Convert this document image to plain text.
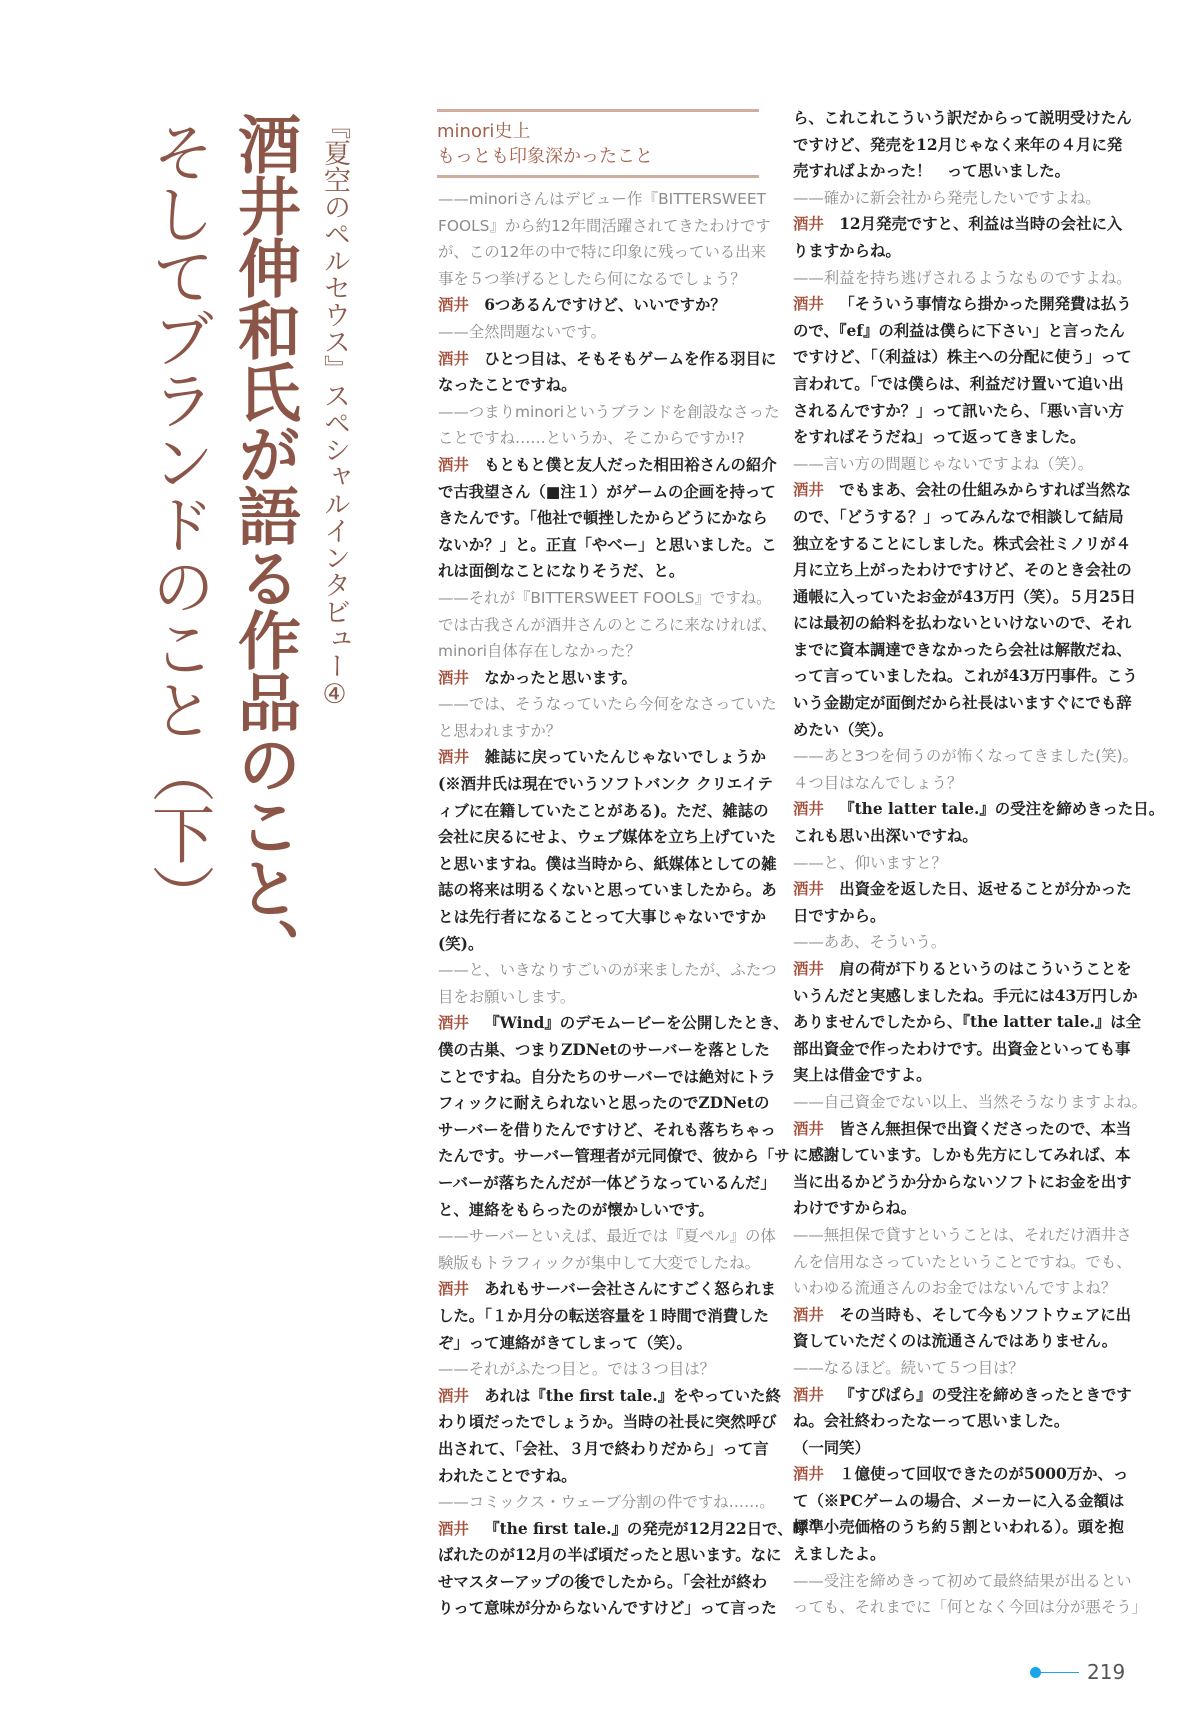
『夏空のペルセウス』スペシャルインタビュー④
酒井伸和氏が語る作品のこと、
そしてブランドのこと（下）	minori史上
もっとも印象深かったこと
——minoriさんはデビュー作『BITTERSWEET
FOOLS』から約12年間活躍されてきたわけです
が、この12年の中で特に印象に残っている出来
事を５つ挙げるとしたら何になるでしょう？
酒井 6つあるんですけど、いいですか？
——全然問題ないです。
酒井 ひとつ目は、そもそもゲームを作る羽目に
なったことですね。
——つまりminoriというブランドを創設なさった
ことですね……というか、そこからですか!?
酒井 もともと僕と友人だった相田裕さんの紹介
で古我望さん（■注１）がゲームの企画を持って
きたんです。「他社で頓挫したからどうにかなら
ないか？」と。正直「やべー」と思いました。こ
れは面倒なことになりそうだ、と。
——それが『BITTERSWEET FOOLS』ですね。
では古我さんが酒井さんのところに来なければ、
minori自体存在しなかった？
酒井 なかったと思います。
——では、そうなっていたら今何をなさっていた
と思われますか？
酒井 雑誌に戻っていたんじゃないでしょうか
(※酒井氏は現在でいうソフトバンク クリエイテ
ィブに在籍していたことがある)。ただ、雑誌の
会社に戻るにせよ、ウェブ媒体を立ち上げていた
と思いますね。僕は当時から、紙媒体としての雑
誌の将来は明るくないと思っていましたから。あ
とは先行者になることって大事じゃないですか
(笑)。
——と、いきなりすごいのが来ましたが、ふたつ
目をお願いします。
酒井 『Wind』のデモムービーを公開したとき、
僕の古巣、つまりZDNetのサーバーを落とした
ことですね。自分たちのサーバーでは絶対にトラ
フィックに耐えられないと思ったのでZDNetの
サーバーを借りたんですけど、それも落ちちゃっ
たんです。サーバー管理者が元同僚で、彼から「サ
ーバーが落ちたんだが一体どうなっているんだ」
と、連絡をもらったのが懐かしいです。
——サーバーといえば、最近では『夏ペル』の体
験版もトラフィックが集中して大変でしたね。
酒井 あれもサーバー会社さんにすごく怒られま
した。「１か月分の転送容量を１時間で消費した
ぞ」って連絡がきてしまって（笑）。
——それがふたつ目と。では３つ目は？
酒井 あれは『the first tale.』をやっていた終
わり頃だったでしょうか。当時の社長に突然呼び
出されて、「会社、３月で終わりだから」って言
われたことですね。
——コミックス・ウェーブ分割の件ですね……。
酒井 『the first tale.』の発売が12月22日で、呼
ばれたのが12月の半ば頃だったと思います。なに
せマスターアップの後でしたから。「会社が終わ
りって意味が分からないんですけど」って言った
ら、これこれこういう訳だからって説明受けたん
ですけど、発売を12月じゃなく来年の４月に発
売すればよかった！　って思いました。
——確かに新会社から発売したいですよね。
酒井 12月発売ですと、利益は当時の会社に入
りますからね。
——利益を持ち逃げされるようなものですよね。
酒井 「そういう事情なら掛かった開発費は払う
ので、『ef』の利益は僕らに下さい」と言ったん
ですけど、「（利益は）株主への分配に使う」って
言われて。「では僕らは、利益だけ置いて追い出
されるんですか？」って訊いたら、「悪い言い方
をすればそうだね」って返ってきました。
——言い方の問題じゃないですよね（笑）。
酒井 でもまあ、会社の仕組みからすれば当然な
ので、「どうする？」ってみんなで相談して結局
独立をすることにしました。株式会社ミノリが４
月に立ち上がったわけですけど、そのとき会社の
通帳に入っていたお金が43万円（笑）。５月25日
には最初の給料を払わないといけないので、それ
までに資本調達できなかったら会社は解散だね、
って言っていましたね。これが43万円事件。こう
いう金勘定が面倒だから社長はいますぐにでも辞
めたい（笑）。
——あと3つを伺うのが怖くなってきました(笑)。
４つ目はなんでしょう？
酒井 『the latter tale.』の受注を締めきった日。
これも思い出深いですね。
——と、仰いますと？
酒井 出資金を返した日、返せることが分かった
日ですから。
——ああ、そういう。
酒井 肩の荷が下りるというのはこういうことを
いうんだと実感しましたね。手元には43万円しか
ありませんでしたから、『the latter tale.』は全
部出資金で作ったわけです。出資金といっても事
実上は借金ですよ。
——自己資金でない以上、当然そうなりますよね。
酒井 皆さん無担保で出資くださったので、本当
に感謝しています。しかも先方にしてみれば、本
当に出るかどうか分からないソフトにお金を出す
わけですからね。
——無担保で貸すということは、それだけ酒井さ
んを信用なさっていたということですね。でも、
いわゆる流通さんのお金ではないんですよね？
酒井 その当時も、そして今もソフトウェアに出
資していただくのは流通さんではありません。
——なるほど。続いて５つ目は？
酒井 『すぴぱら』の受注を締めきったときです
ね。会社終わったなーって思いました。
（一同笑）
酒井 １億使って回収できたのが5000万か、っ
て（※PCゲームの場合、メーカーに入る金額は
標準小売価格のうち約５割といわれる）。頭を抱
えましたよ。
——受注を締めきって初めて最終結果が出るとい
っても、それまでに「何となく今回は分が悪そう」
219
